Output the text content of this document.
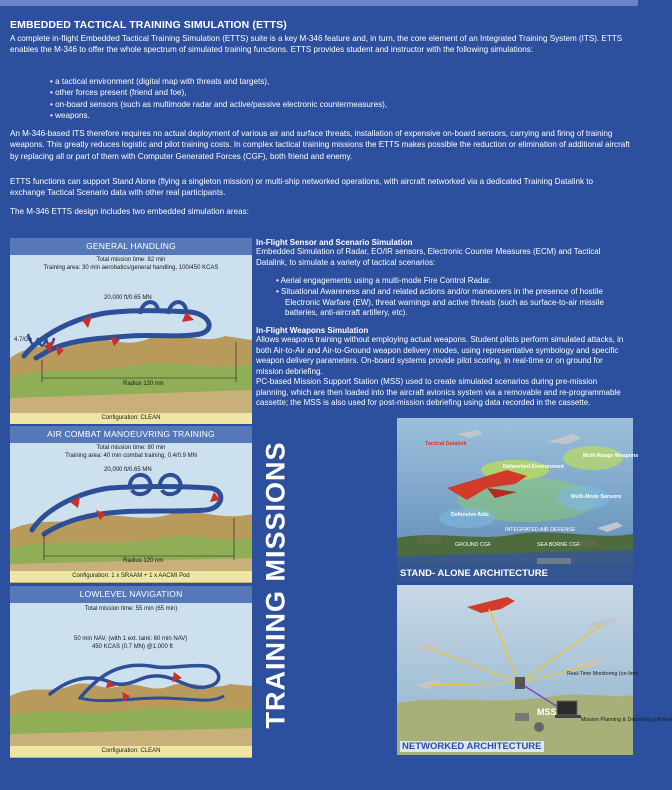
EMBEDDED TACTICAL TRAINING SIMULATION (ETTS)

A complete in-flight Embedded Tactical Training Simulation (ETTS) suite is a key M-346 feature and, in turn, the core element of an Integrated Training System (ITS). ETTS enables the M-346 to offer the whole spectrum of simulated training functions. ETTS provides student and instructor with the following simulations:

• a tactical environment (digital map with threats and targets),
• other forces present (friend and foe),
• on-board sensors (such as multimode radar and active/passive electronic countermeasures),
• weapons.

An M-346-based ITS therefore requires no actual deployment of various air and surface threats, installation of expensive on-board sensors, carrying and firing of training weapons. This greatly reduces logistic and pilot training costs. In complex tactical training missions the ETTS makes possible the reduction or elimination of additional aircraft by replacing all or part of them with Computer Generated Forces (CGF), both friend and enemy.

ETTS functions can support Stand Alone (flying a singleton mission) or multi-ship networked operations, with aircraft networked via a dedicated Training Datalink to exchange Tactical Scenario data with other real participants.

The M-346 ETTS design includes two embedded simulation areas:

GENERAL HANDLING
Total mission time: 82 min
Training area: 30 min aerobatics/general handling, 100/450 KCAS
20,000 ft/0.65 MN
4.7/Go
Radius 120 nm
Configuration: CLEAN
AIR COMBAT MANOEUVRING TRAINING
Total mission time: 80 min
Training area: 40 min combat training, 0.4/0.9 MN
20,000 ft/0.65 MN
Radius 120 nm
Configuration: 1 x SRAAM + 1 x AACMI Pod
LOWLEVEL NAVIGATION
Total mission time: 55 min (65 min)
50 min NAV, (with 1 ext. tank: 60 min NAV)
450 KCAS (0.7 MN) @1,000 ft
Configuration: CLEAN
TRAINING MISSIONS
In-Flight Sensor and Scenario Simulation

Embedded Simulation of Radar, EO/IR sensors, Electronic Counter Measures (ECM) and Tactical Datalink, to simulate a variety of tactical scenarios:

• Aerial engagements using a multi-mode Fire Control Radar.
• Situational Awareness and and related actions and/or maneuvers in the presence of hostile Electronic Warfare (EW), threat warnings and active threats (such as surface-to-air missile batteries, anti-aircraft artillery, etc).
In-Flight Weapons Simulation

Allows weapons training without employing actual weapons. Student pilots perform simulated attacks, in both Air-to-Air and Air-to-Ground weapon delivery modes, using representative symbology and specific weapon delivery parameters. On-board systems provide pilot scoring, in real-time or on ground for mission debriefing.

PC-based Mission Support Station (MSS) used to create simulated scenarios during pre-mission planning, which are then loaded into the aircraft avionics system via a removable and re-programmable cassette; the MSS is also used for post-mission debriefing using data recorded in the cassette.

Tactical Datalink
Networked Environment
Multi-Range Weapons
Multi-Mode Sensors
Defensive Aids
INTEGRATED AIR DEFENSE
SEA BORNE CGF
GROUND CGF
STAND- ALONE ARCHITECTURE
Real-Time Monitoring (on-line)
Mission Planning & Debriefing (off-line)
MSS
NETWORKED ARCHITECTURE
